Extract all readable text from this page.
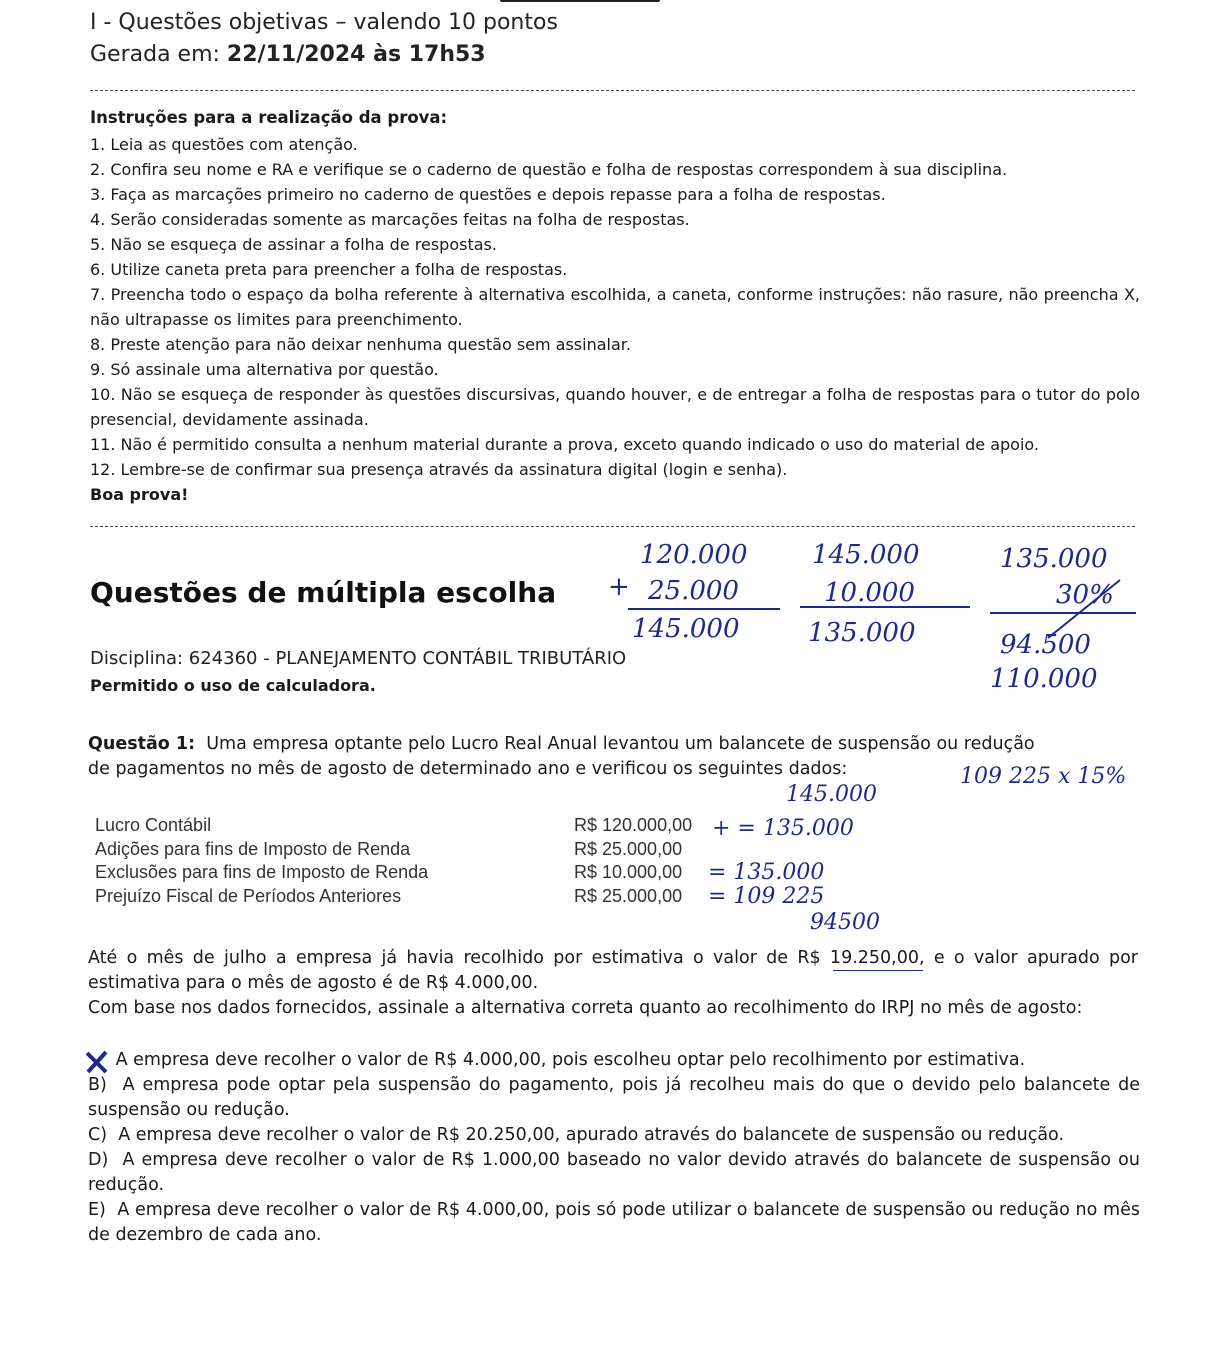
I - Questões objetivas – valendo 10 pontos
Gerada em: 22/11/2024 às 17h53
Instruções para a realização da prova:

1. Leia as questões com atenção.

2. Confira seu nome e RA e verifique se o caderno de questão e folha de respostas correspondem à sua disciplina.

3. Faça as marcações primeiro no caderno de questões e depois repasse para a folha de respostas.

4. Serão consideradas somente as marcações feitas na folha de respostas.

5. Não se esqueça de assinar a folha de respostas.

6. Utilize caneta preta para preencher a folha de respostas.

7. Preencha todo o espaço da bolha referente à alternativa escolhida, a caneta, conforme instruções: não rasure, não preencha X, não ultrapasse os limites para preenchimento.

8. Preste atenção para não deixar nenhuma questão sem assinalar.

9. Só assinale uma alternativa por questão.

10. Não se esqueça de responder às questões discursivas, quando houver, e de entregar a folha de respostas para o tutor do polo presencial, devidamente assinada.

11. Não é permitido consulta a nenhum material durante a prova, exceto quando indicado o uso do material de apoio.

12. Lembre-se de confirmar sua presença através da assinatura digital (login e senha).

Boa prova!

Questões de múltipla escolha
Disciplina: 624360 - PLANEJAMENTO CONTÁBIL TRIBUTÁRIO
Permitido o uso de calculadora.
120.000
+ 25.000
145.000
145.000
10.000
135.000
135.000
30%
94.500
110.000

Questão 1: Uma empresa optante pelo Lucro Real Anual levantou um balancete de suspensão ou redução

de pagamentos no mês de agosto de determinado ano e verificou os seguintes dados:	109 225 x 15%
145.000
Lucro Contábil
Adições para fins de Imposto de Renda
Exclusões para fins de Imposto de Renda
Prejuízo Fiscal de Períodos Anteriores
R$ 120.000,00
R$ 25.000,00
R$ 10.000,00
R$ 25.000,00
+ = 135.000
= 135.000
= 109 225
94500

Até o mês de julho a empresa já havia recolhido por estimativa o valor de R$ 19.250,00, e o valor apurado por estimativa para o mês de agosto é de R$ 4.000,00.

Com base nos dados fornecidos, assinale a alternativa correta quanto ao recolhimento do IRPJ no mês de agosto:

A empresa deve recolher o valor de R$ 4.000,00, pois escolheu optar pelo recolhimento por estimativa.

B) A empresa pode optar pela suspensão do pagamento, pois já recolheu mais do que o devido pelo balancete de suspensão ou redução.

C) A empresa deve recolher o valor de R$ 20.250,00, apurado através do balancete de suspensão ou redução.

D) A empresa deve recolher o valor de R$ 1.000,00 baseado no valor devido através do balancete de suspensão ou redução.

E) A empresa deve recolher o valor de R$ 4.000,00, pois só pode utilizar o balancete de suspensão ou redução no mês de dezembro de cada ano.
